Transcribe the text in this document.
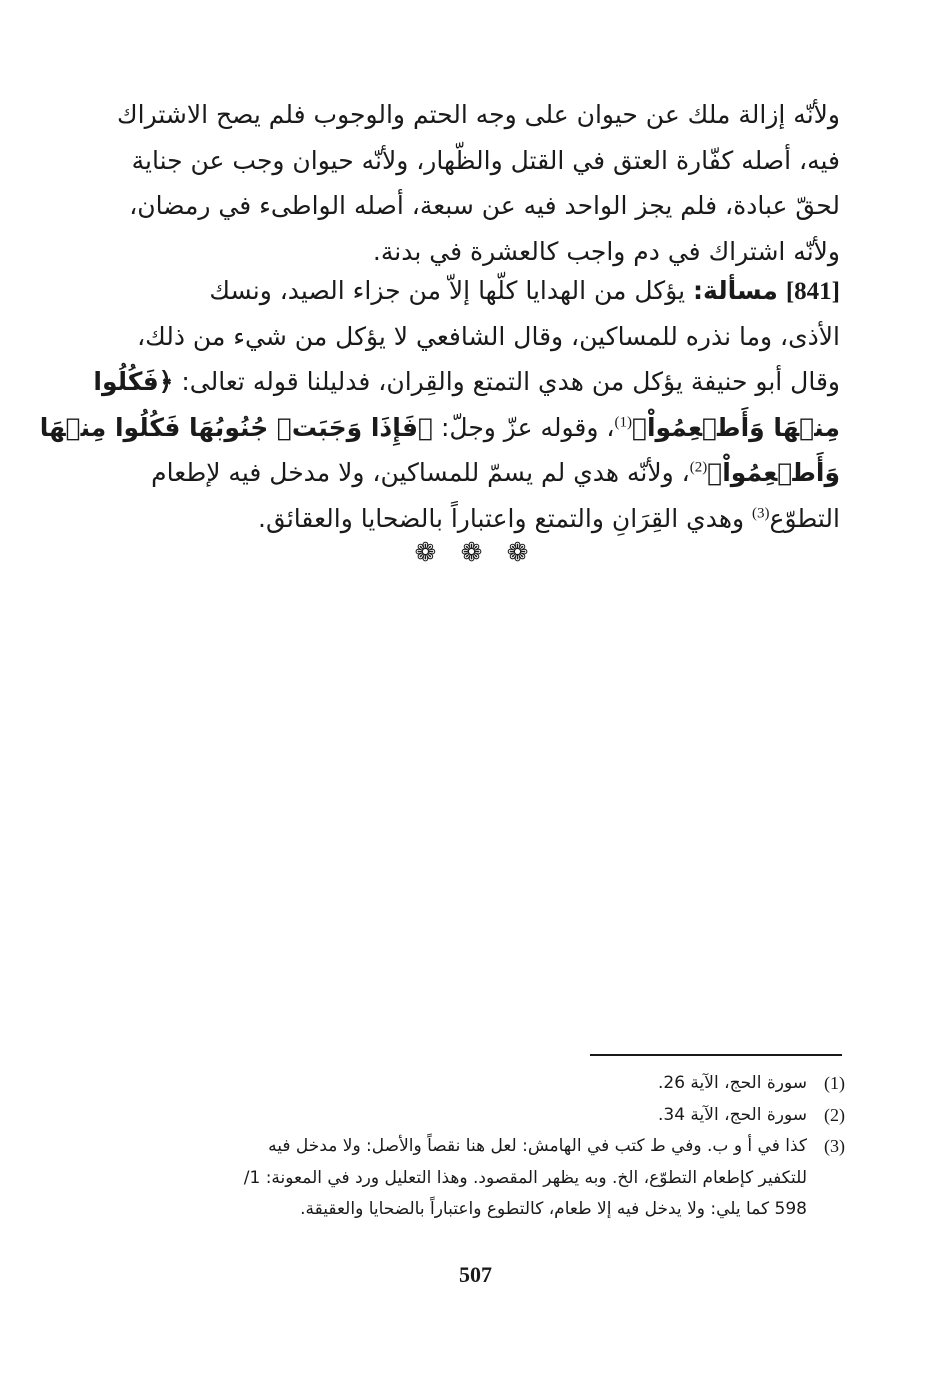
ولأنّه إزالة ملك عن حيوان على وجه الحتم والوجوب فلم يصح الاشتراك
فيه، أصله كفّارة العتق في القتل والظّهار، ولأنّه حيوان وجب عن جناية
لحقّ عبادة، فلم يجز الواحد فيه عن سبعة، أصله الواطىء في رمضان،
ولأنّه اشتراك في دم واجب كالعشرة في بدنة.
[841] مسألة: يؤكل من الهدايا كلّها إلاّ من جزاء الصيد، ونسك
الأذى، وما نذره للمساكين، وقال الشافعي لا يؤكل من شيء من ذلك،
وقال أبو حنيفة يؤكل من هدي التمتع والقِران، فدليلنا قوله تعالى: ﴿فَكُلُوا
مِنۡهَا وَأَطۡعِمُواْ﴾$^{(1)}$، وقوله عزّ وجلّ: ﴿فَإِذَا وَجَبَتۡ جُنُوبُهَا فَكُلُوا مِنۡهَا
وَأَطۡعِمُواْ﴾$^{(2)}$، ولأنّه هدي لم يسمّ للمساكين، ولا مدخل فيه لإطعام
التطوّع$^{(3)}$ وهدي القِرَانِ والتمتع واعتباراً بالضحايا والعقائق.
❁ ❁ ❁
(1)
سورة الحج، الآية 26.
(2)
سورة الحج، الآية 34.
(3)
كذا في أ و ب. وفي ط كتب في الهامش: لعل هنا نقصاً والأصل: ولا مدخل فيه
للتكفير كإطعام التطوّع، الخ. وبه يظهر المقصود. وهذا التعليل ورد في المعونة: 1/
598 كما يلي: ولا يدخل فيه إلا طعام، كالتطوع واعتباراً بالضحايا والعقيقة.
507
